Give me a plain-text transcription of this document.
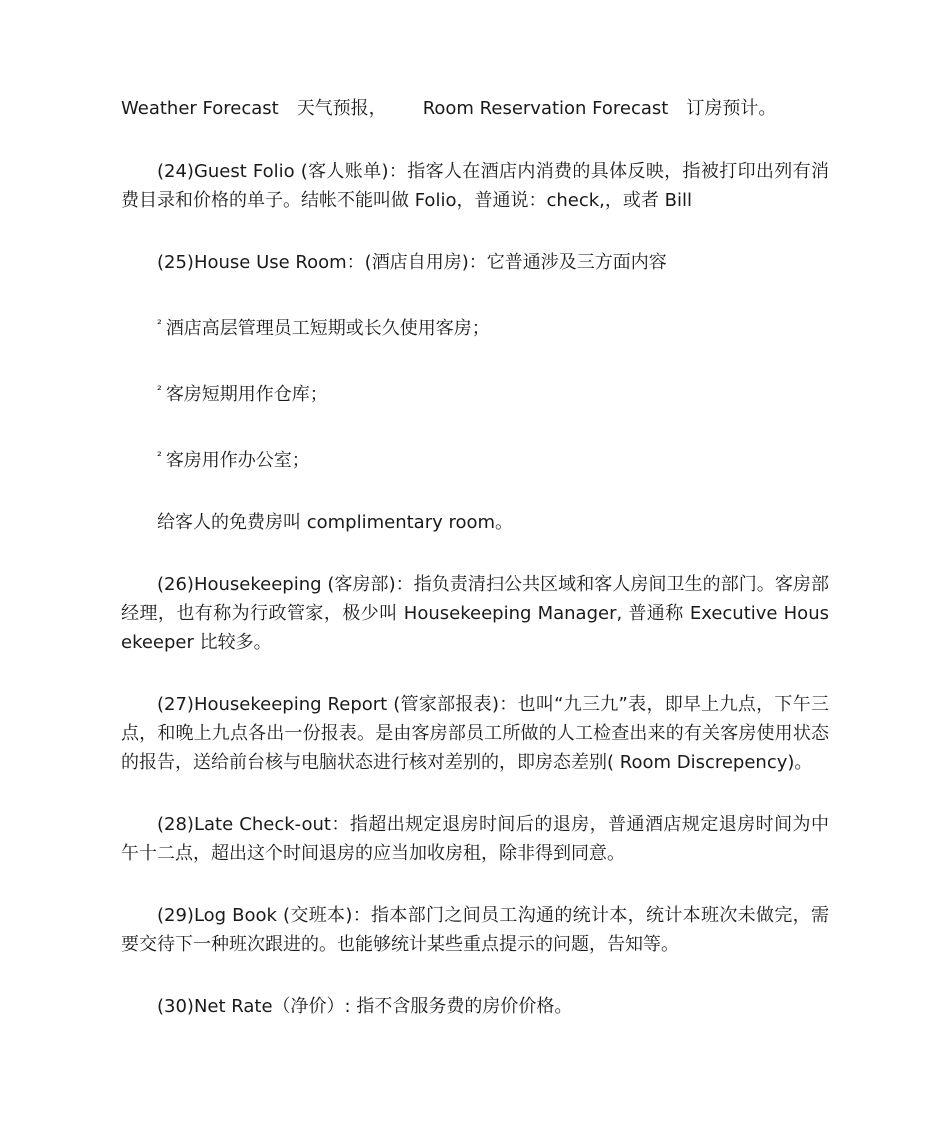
Weather Forecast 天气预报， Room Reservation Forecast 订房预计。

(24)Guest Folio (客人账单)：指客人在酒店内消费的具体反映，指被打印出列有消费目录和价格的单子。结帐不能叫做 Folio，普通说：check,，或者 Bill

(25)House Use Room：(酒店自用房)：它普通涉及三方面内容

$^{^2}$ 酒店高层管理员工短期或长久使用客房；
$^{^2}$ 客房短期用作仓库；
$^{^2}$ 客房用作办公室；

给客人的免费房叫 complimentary room。

(26)Housekeeping (客房部)：指负责清扫公共区域和客人房间卫生的部门。客房部经理，也有称为行政管家，极少叫 Housekeeping Manager, 普通称 Executive Housekeeper 比较多。

(27)Housekeeping Report (管家部报表)：也叫“九三九”表，即早上九点，下午三点，和晚上九点各出一份报表。是由客房部员工所做的人工检查出来的有关客房使用状态的报告，送给前台核与电脑状态进行核对差别的，即房态差别( Room Discrepency)。

(28)Late Check-out：指超出规定退房时间后的退房，普通酒店规定退房时间为中午十二点，超出这个时间退房的应当加收房租，除非得到同意。

(29)Log Book (交班本)：指本部门之间员工沟通的统计本，统计本班次未做完，需要交待下一种班次跟进的。也能够统计某些重点提示的问题，告知等。

(30)Net Rate（净价）: 指不含服务费的房价价格。
